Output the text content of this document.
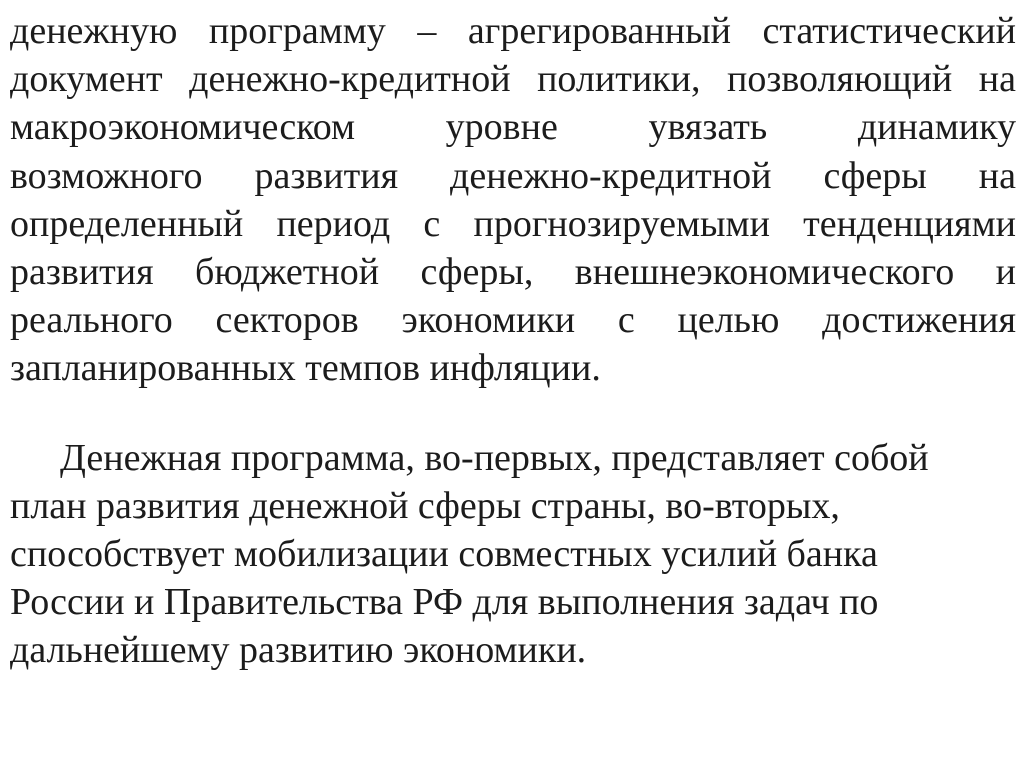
денежную программу – агрегированный статистический
документ денежно-кредитной политики, позволяющий на
макроэкономическом уровне увязать динамику
возможного развития денежно-кредитной сферы на
определенный период с прогнозируемыми тенденциями
развития бюджетной сферы, внешнеэкономического и
реального секторов экономики с целью достижения
запланированных темпов инфляции.

Денежная программа, во-первых, представляет собой
план развития денежной сферы страны, во-вторых,
способствует мобилизации совместных усилий банка
России и Правительства РФ для выполнения задач по
дальнейшему развитию экономики.
